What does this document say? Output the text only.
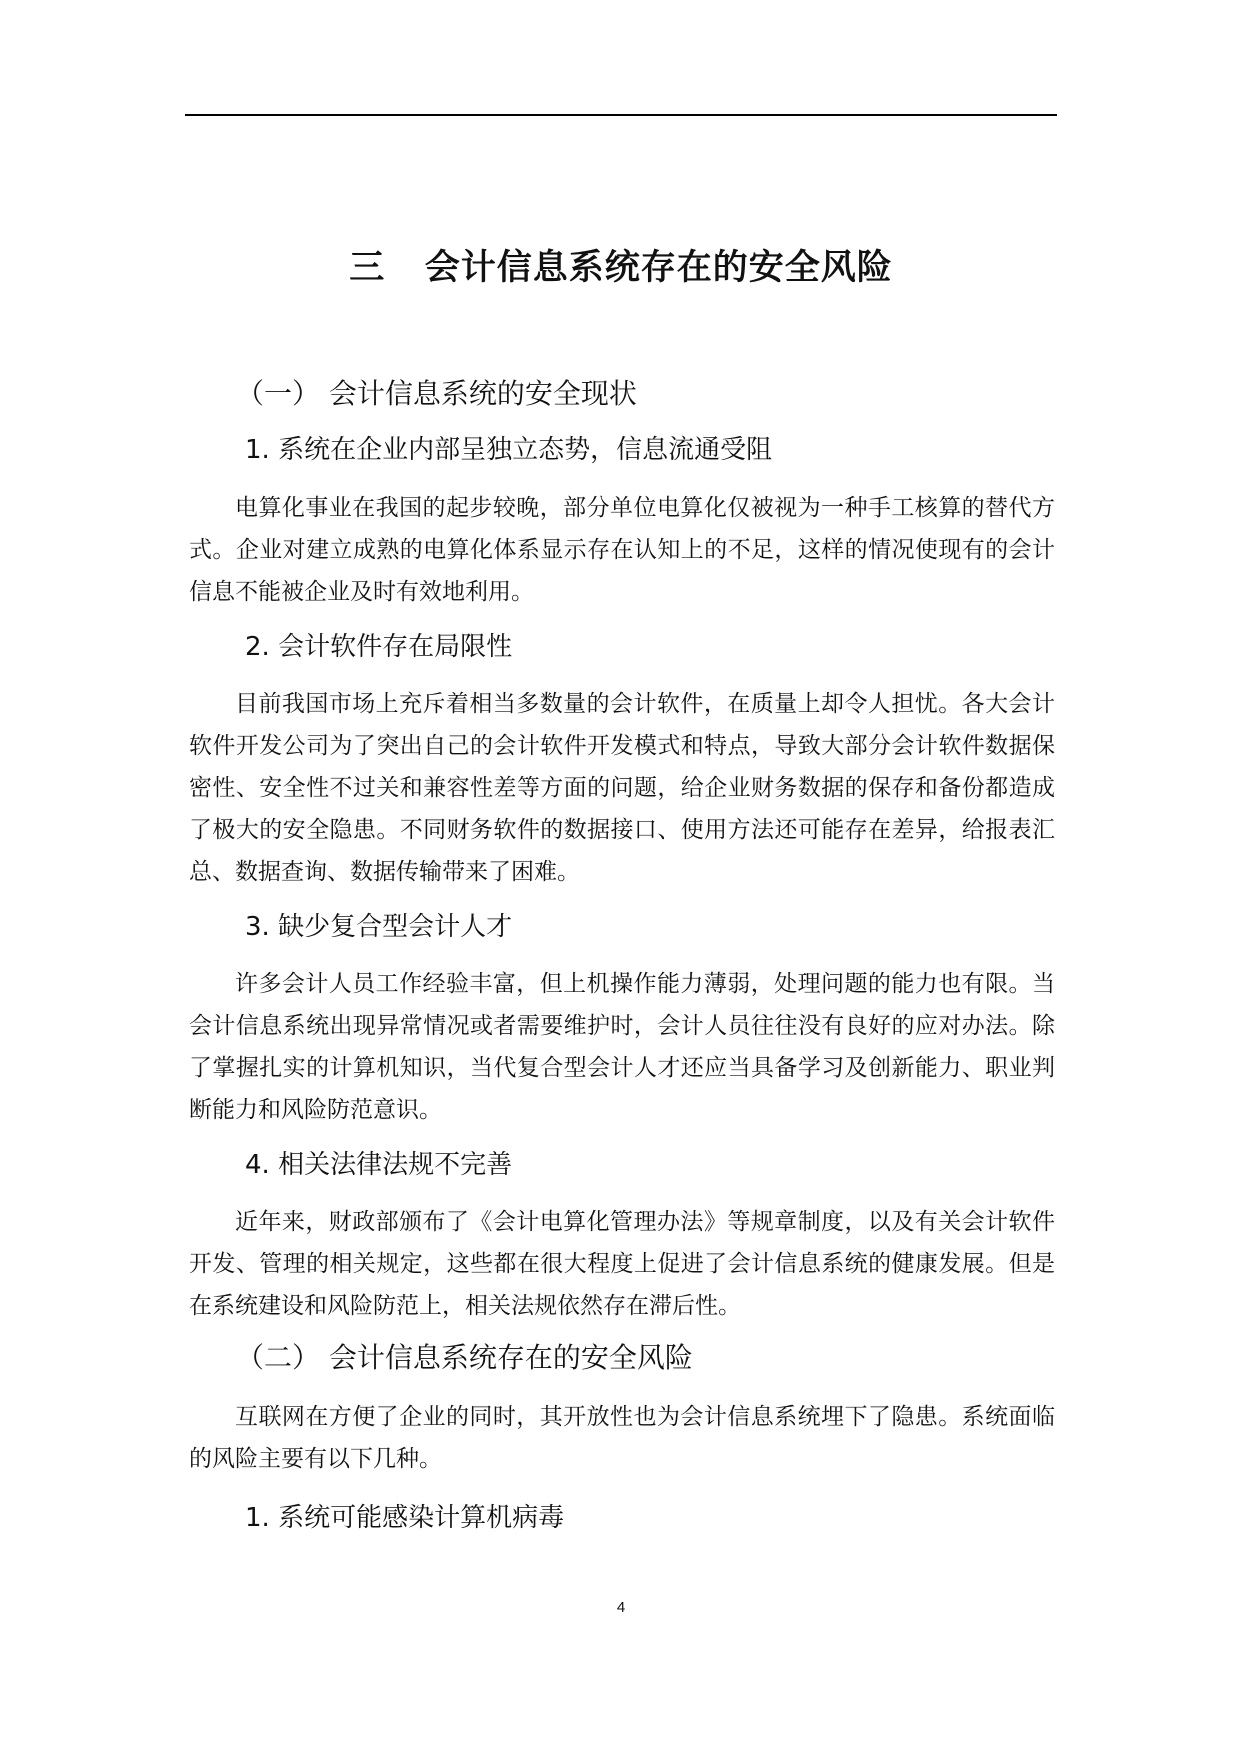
三   会计信息系统存在的安全风险
（一） 会计信息系统的安全现状
1. 系统在企业内部呈独立态势，信息流通受阻

电算化事业在我国的起步较晚，部分单位电算化仅被视为一种手工核算的替代方式。企业对建立成熟的电算化体系显示存在认知上的不足，这样的情况使现有的会计信息不能被企业及时有效地利用。

2. 会计软件存在局限性

目前我国市场上充斥着相当多数量的会计软件，在质量上却令人担忧。各大会计软件开发公司为了突出自己的会计软件开发模式和特点，导致大部分会计软件数据保密性、安全性不过关和兼容性差等方面的问题，给企业财务数据的保存和备份都造成了极大的安全隐患。不同财务软件的数据接口、使用方法还可能存在差异，给报表汇总、数据查询、数据传输带来了困难。

3. 缺少复合型会计人才

许多会计人员工作经验丰富，但上机操作能力薄弱，处理问题的能力也有限。当会计信息系统出现异常情况或者需要维护时，会计人员往往没有良好的应对办法。除了掌握扎实的计算机知识，当代复合型会计人才还应当具备学习及创新能力、职业判断能力和风险防范意识。

4. 相关法律法规不完善

近年来，财政部颁布了《会计电算化管理办法》等规章制度，以及有关会计软件开发、管理的相关规定，这些都在很大程度上促进了会计信息系统的健康发展。但是在系统建设和风险防范上，相关法规依然存在滞后性。

（二） 会计信息系统存在的安全风险

互联网在方便了企业的同时，其开放性也为会计信息系统埋下了隐患。系统面临的风险主要有以下几种。

1. 系统可能感染计算机病毒
4
